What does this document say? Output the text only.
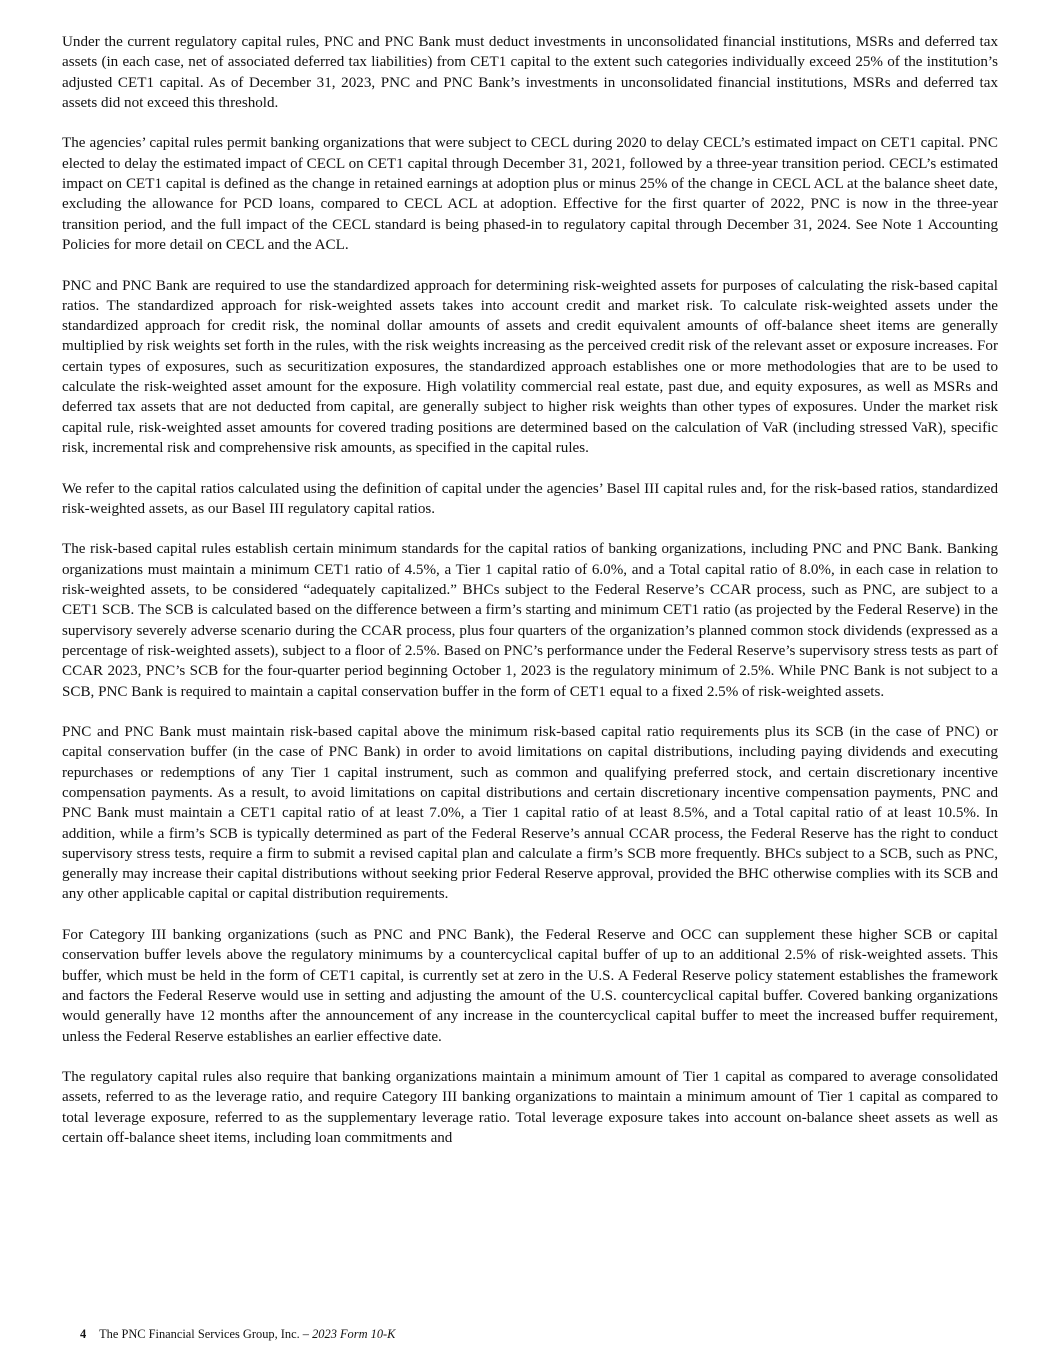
Under the current regulatory capital rules, PNC and PNC Bank must deduct investments in unconsolidated financial institutions, MSRs and deferred tax assets (in each case, net of associated deferred tax liabilities) from CET1 capital to the extent such categories individually exceed 25% of the institution’s adjusted CET1 capital. As of December 31, 2023, PNC and PNC Bank’s investments in unconsolidated financial institutions, MSRs and deferred tax assets did not exceed this threshold.

The agencies’ capital rules permit banking organizations that were subject to CECL during 2020 to delay CECL’s estimated impact on CET1 capital. PNC elected to delay the estimated impact of CECL on CET1 capital through December 31, 2021, followed by a three-year transition period. CECL’s estimated impact on CET1 capital is defined as the change in retained earnings at adoption plus or minus 25% of the change in CECL ACL at the balance sheet date, excluding the allowance for PCD loans, compared to CECL ACL at adoption. Effective for the first quarter of 2022, PNC is now in the three-year transition period, and the full impact of the CECL standard is being phased-in to regulatory capital through December 31, 2024. See Note 1 Accounting Policies for more detail on CECL and the ACL.

PNC and PNC Bank are required to use the standardized approach for determining risk-weighted assets for purposes of calculating the risk-based capital ratios. The standardized approach for risk-weighted assets takes into account credit and market risk. To calculate risk-weighted assets under the standardized approach for credit risk, the nominal dollar amounts of assets and credit equivalent amounts of off-balance sheet items are generally multiplied by risk weights set forth in the rules, with the risk weights increasing as the perceived credit risk of the relevant asset or exposure increases. For certain types of exposures, such as securitization exposures, the standardized approach establishes one or more methodologies that are to be used to calculate the risk-weighted asset amount for the exposure. High volatility commercial real estate, past due, and equity exposures, as well as MSRs and deferred tax assets that are not deducted from capital, are generally subject to higher risk weights than other types of exposures. Under the market risk capital rule, risk-weighted asset amounts for covered trading positions are determined based on the calculation of VaR (including stressed VaR), specific risk, incremental risk and comprehensive risk amounts, as specified in the capital rules.

We refer to the capital ratios calculated using the definition of capital under the agencies’ Basel III capital rules and, for the risk-based ratios, standardized risk-weighted assets, as our Basel III regulatory capital ratios.

The risk-based capital rules establish certain minimum standards for the capital ratios of banking organizations, including PNC and PNC Bank. Banking organizations must maintain a minimum CET1 ratio of 4.5%, a Tier 1 capital ratio of 6.0%, and a Total capital ratio of 8.0%, in each case in relation to risk-weighted assets, to be considered “adequately capitalized.” BHCs subject to the Federal Reserve’s CCAR process, such as PNC, are subject to a CET1 SCB. The SCB is calculated based on the difference between a firm’s starting and minimum CET1 ratio (as projected by the Federal Reserve) in the supervisory severely adverse scenario during the CCAR process, plus four quarters of the organization’s planned common stock dividends (expressed as a percentage of risk-weighted assets), subject to a floor of 2.5%. Based on PNC’s performance under the Federal Reserve’s supervisory stress tests as part of CCAR 2023, PNC’s SCB for the four-quarter period beginning October 1, 2023 is the regulatory minimum of 2.5%. While PNC Bank is not subject to a SCB, PNC Bank is required to maintain a capital conservation buffer in the form of CET1 equal to a fixed 2.5% of risk-weighted assets.

PNC and PNC Bank must maintain risk-based capital above the minimum risk-based capital ratio requirements plus its SCB (in the case of PNC) or capital conservation buffer (in the case of PNC Bank) in order to avoid limitations on capital distributions, including paying dividends and executing repurchases or redemptions of any Tier 1 capital instrument, such as common and qualifying preferred stock, and certain discretionary incentive compensation payments. As a result, to avoid limitations on capital distributions and certain discretionary incentive compensation payments, PNC and PNC Bank must maintain a CET1 capital ratio of at least 7.0%, a Tier 1 capital ratio of at least 8.5%, and a Total capital ratio of at least 10.5%. In addition, while a firm’s SCB is typically determined as part of the Federal Reserve’s annual CCAR process, the Federal Reserve has the right to conduct supervisory stress tests, require a firm to submit a revised capital plan and calculate a firm’s SCB more frequently. BHCs subject to a SCB, such as PNC, generally may increase their capital distributions without seeking prior Federal Reserve approval, provided the BHC otherwise complies with its SCB and any other applicable capital or capital distribution requirements.

For Category III banking organizations (such as PNC and PNC Bank), the Federal Reserve and OCC can supplement these higher SCB or capital conservation buffer levels above the regulatory minimums by a countercyclical capital buffer of up to an additional 2.5% of risk-weighted assets. This buffer, which must be held in the form of CET1 capital, is currently set at zero in the U.S. A Federal Reserve policy statement establishes the framework and factors the Federal Reserve would use in setting and adjusting the amount of the U.S. countercyclical capital buffer. Covered banking organizations would generally have 12 months after the announcement of any increase in the countercyclical capital buffer to meet the increased buffer requirement, unless the Federal Reserve establishes an earlier effective date.

The regulatory capital rules also require that banking organizations maintain a minimum amount of Tier 1 capital as compared to average consolidated assets, referred to as the leverage ratio, and require Category III banking organizations to maintain a minimum amount of Tier 1 capital as compared to total leverage exposure, referred to as the supplementary leverage ratio. Total leverage exposure takes into account on-balance sheet assets as well as certain off-balance sheet items, including loan commitments and

4 The PNC Financial Services Group, Inc. – 2023 Form 10-K
